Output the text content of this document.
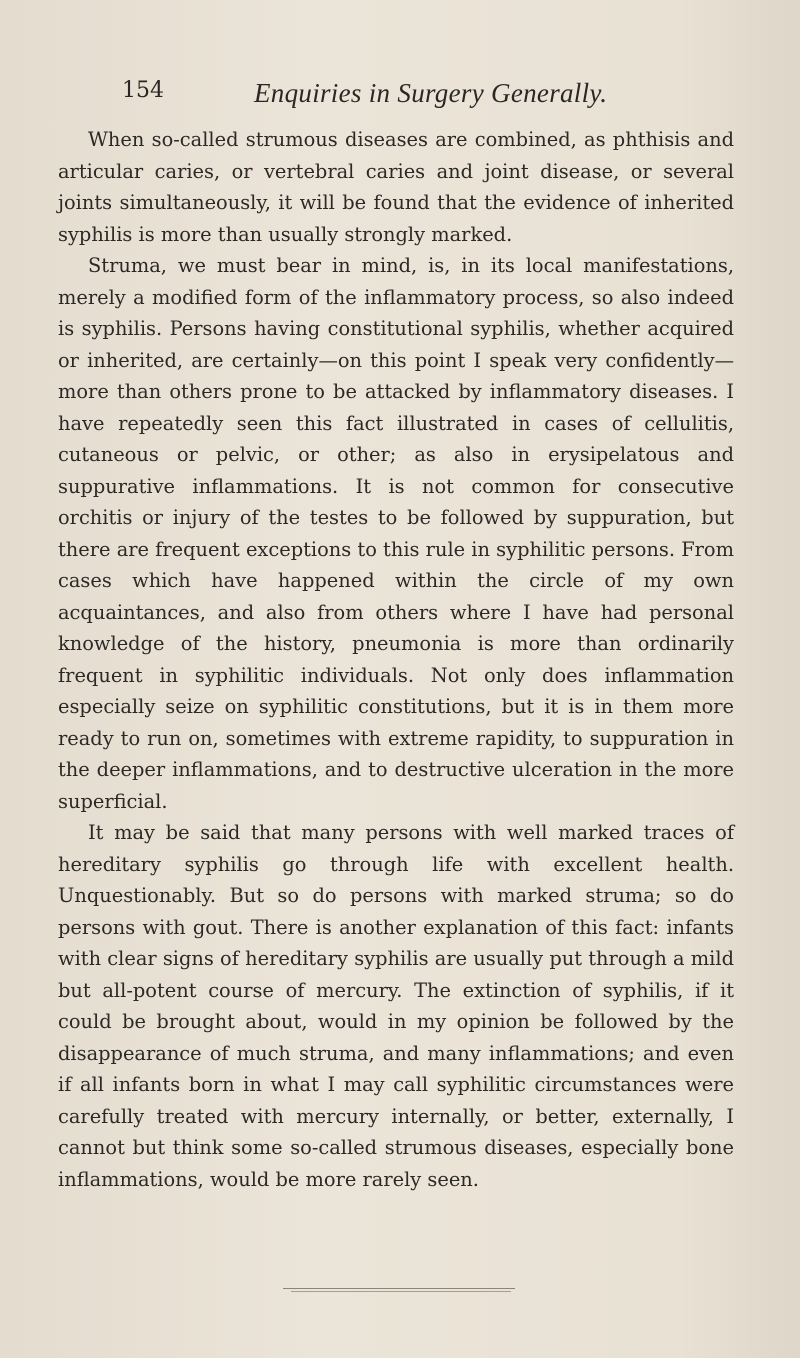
154	Enquiries in Surgery Generally.

When so-called strumous diseases are combined, as phthisis and articular caries, or vertebral caries and joint disease, or several joints simultaneously, it will be found that the evidence of inherited syphilis is more than usually strongly marked.

Struma, we must bear in mind, is, in its local manifestations, merely a modified form of the inflammatory process, so also indeed is syphilis. Persons having constitutional syphilis, whether acquired or inherited, are certainly—on this point I speak very confidently—more than others prone to be attacked by inflammatory diseases. I have repeatedly seen this fact illustrated in cases of cellulitis, cutaneous or pelvic, or other; as also in erysipelatous and suppurative inflammations. It is not common for consecutive orchitis or injury of the testes to be followed by suppuration, but there are frequent exceptions to this rule in syphilitic persons. From cases which have happened within the circle of my own acquaintances, and also from others where I have had personal knowledge of the history, pneumonia is more than ordinarily frequent in syphilitic individuals. Not only does inflammation especially seize on syphilitic constitutions, but it is in them more ready to run on, sometimes with extreme rapidity, to suppuration in the deeper inflammations, and to destructive ulceration in the more superficial.

It may be said that many persons with well marked traces of hereditary syphilis go through life with excellent health. Unquestionably. But so do persons with marked struma; so do persons with gout. There is another explanation of this fact: infants with clear signs of hereditary syphilis are usually put through a mild but all-potent course of mercury. The extinction of syphilis, if it could be brought about, would in my opinion be followed by the disappearance of much struma, and many inflammations; and even if all infants born in what I may call syphilitic circumstances were carefully treated with mercury internally, or better, externally, I cannot but think some so-called strumous diseases, especially bone inflammations, would be more rarely seen.
